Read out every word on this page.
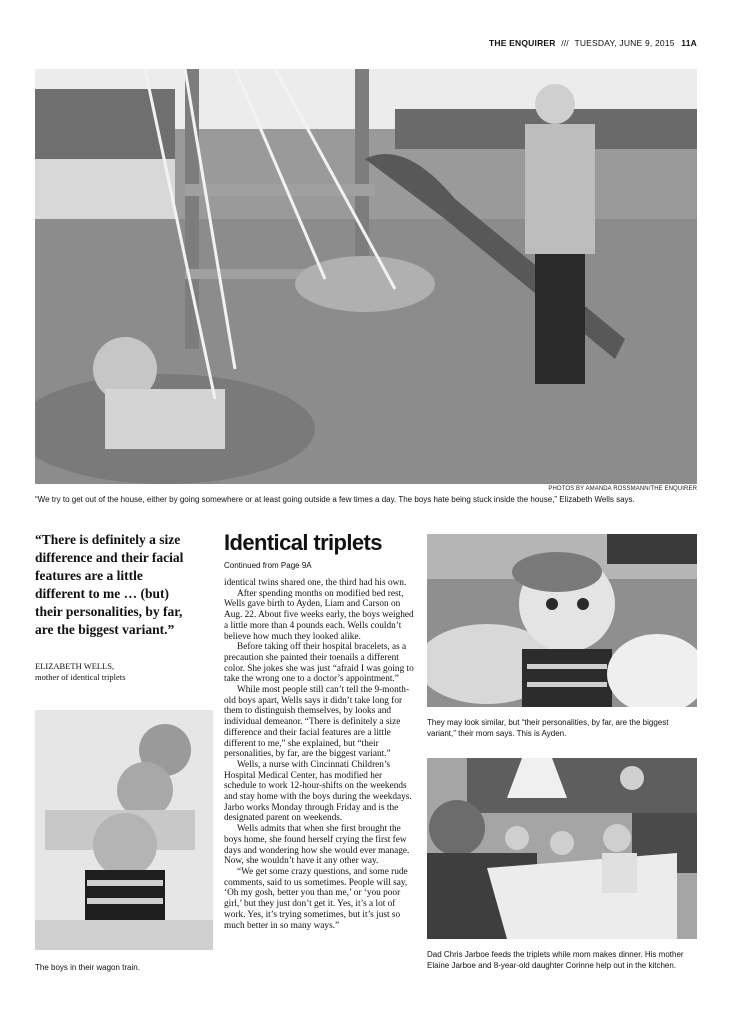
THE ENQUIRER /// TUESDAY, JUNE 9, 2015 11A
PHOTOS BY AMANDA ROSSMANN/THE ENQUIRER
“We try to get out of the house, either by going somewhere or at least going outside a few times a day. The boys hate being stuck inside the house,” Elizabeth Wells says.
“There is definitely a size difference and their facial features are a little different to me … (but) their personalities, by far, are the biggest variant.”
ELIZABETH WELLS,
mother of identical triplets
The boys in their wagon train.
Identical triplets
Continued from Page 9A

identical twins shared one, the third had his own.

After spending months on modified bed rest, Wells gave birth to Ayden, Liam and Carson on Aug. 22. About five weeks early, the boys weighed a little more than 4 pounds each. Wells couldn’t believe how much they looked alike.

Before taking off their hospital bracelets, as a precaution she painted their toenails a different color. She jokes she was just “afraid I was going to take the wrong one to a doctor’s appointment.”

While most people still can’t tell the 9-month-old boys apart, Wells says it didn’t take long for them to distinguish themselves, by looks and individual demeanor. “There is definitely a size difference and their facial features are a little different to me,” she explained, but “their personalities, by far, are the biggest variant.”

Wells, a nurse with Cincinnati Children’s Hospital Medical Center, has modified her schedule to work 12-hour-shifts on the weekends and stay home with the boys during the weekdays. Jarbo works Monday through Friday and is the designated parent on weekends.

Wells admits that when she first brought the boys home, she found herself crying the first few days and wondering how she would ever manage. Now, she wouldn’t have it any other way.

“We get some crazy questions, and some rude comments, said to us sometimes. People will say, ‘Oh my gosh, better you than me,’ or ‘you poor girl,’ but they just don’t get it. Yes, it’s a lot of work. Yes, it’s trying sometimes, but it’s just so much better in so many ways.”

They may look similar, but “their personalities, by far, are the biggest variant,” their mom says. This is Ayden.
Dad Chris Jarboe feeds the triplets while mom makes dinner. His mother Elaine Jarboe and 8-year-old daughter Corinne help out in the kitchen.
